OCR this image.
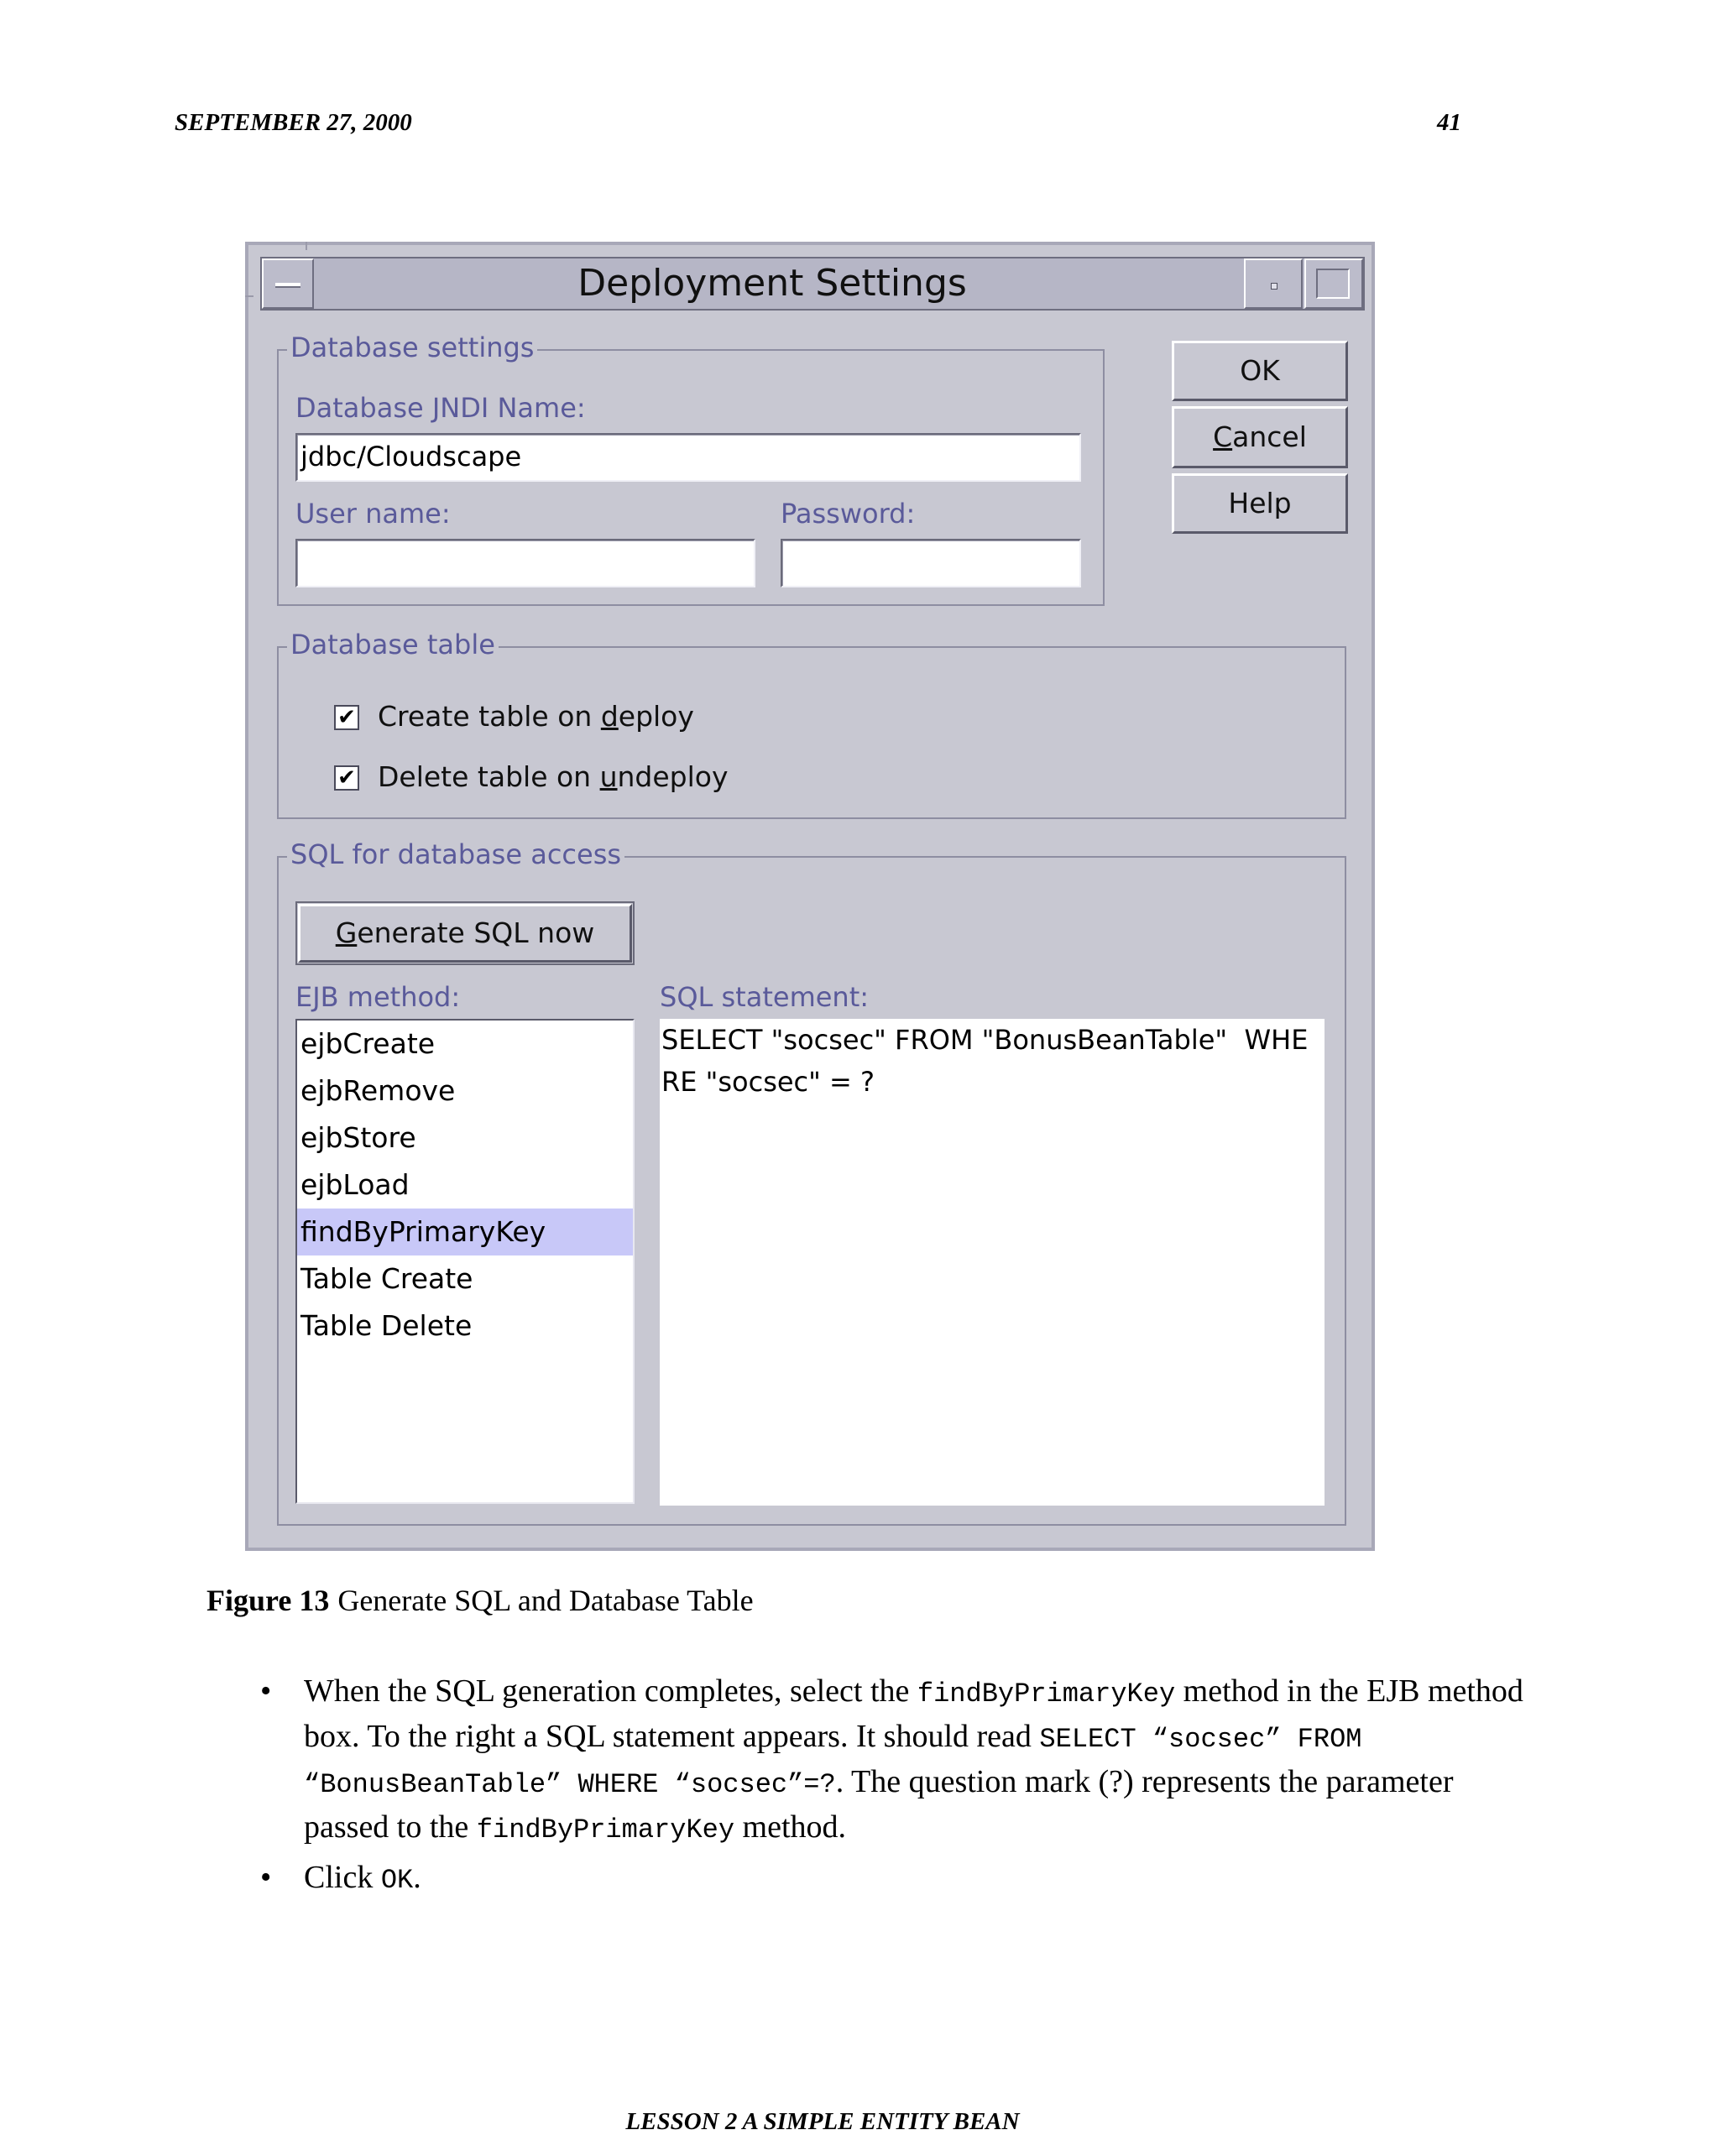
SEPTEMBER 27, 2000	41
Deployment Settings
OK
Cancel
Help
Database settings
Database JNDI Name:
jdbc/Cloudscape
User name:	Password:
Database table
✔ Create table on deploy
✔ Delete table on undeploy
SQL for database access
Generate SQL now
EJB method:	SQL statement:
ejbCreate
ejbRemove
ejbStore
ejbLoad
findByPrimaryKey
Table Create
Table Delete
SELECT "socsec" FROM "BonusBeanTable"  WHE
RE "socsec" = ?
Figure 13 Generate SQL and Database Table
• When the SQL generation completes, select the findByPrimaryKey method in the EJB method box. To the right a SQL statement appears. It should read SELECT “socsec” FROM “BonusBeanTable” WHERE “socsec”=?. The question mark (?) represents the parameter passed to the findByPrimaryKey method.
• Click OK.
LESSON 2 A SIMPLE ENTITY BEAN
